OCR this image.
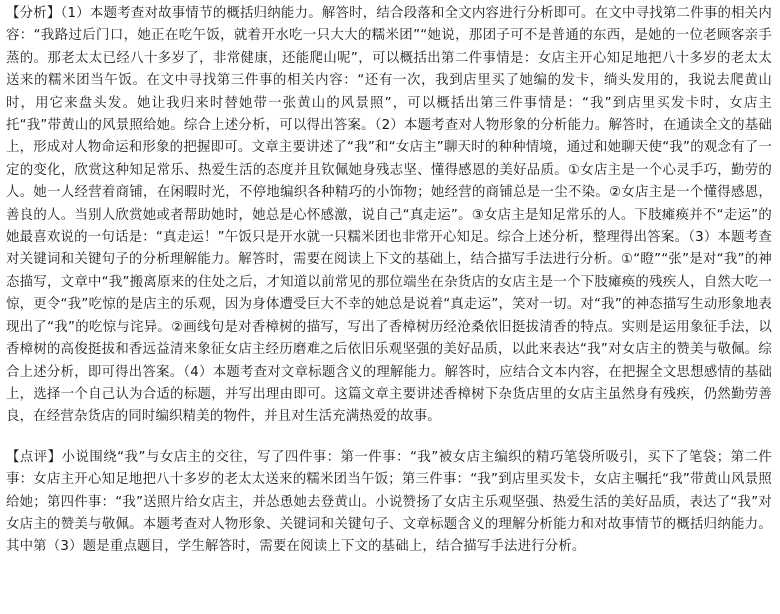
【分析】（1）本题考查对故事情节的概括归纳能力。解答时，结合段落和全文内容进行分析即可。在文中寻找第二件事的相关内容：“我路过后门口，她正在吃午饭，就着开水吃一只大大的糯米团”“她说，那团子可不是普通的东西，是她的一位老顾客亲手蒸的。那老太太已经八十多岁了，非常健康，还能爬山呢”，可以概括出第二件事情是：女店主开心知足地把八十多岁的老太太送来的糯米团当午饭。在文中寻找第三件事的相关内容：“还有一次，我到店里买了她编的发卡，绱头发用的，我说去爬黄山时，用它来盘头发。她让我归来时替她带一张黄山的风景照”，可以概括出第三件事情是：“我”到店里买发卡时，女店主托“我”带黄山的风景照给她。综合上述分析，可以得出答案。（2）本题考查对人物形象的分析能力。解答时，在通读全文的基础上，形成对人物命运和形象的把握即可。文章主要讲述了“我”和“女店主”聊天时的种种情境，通过和她聊天使“我”的观念有了一定的变化，欣赏这种知足常乐、热爱生活的态度并且钦佩她身残志坚、懂得感恩的美好品质。①女店主是一个心灵手巧，勤劳的人。她一人经营着商铺，在闲暇时光，不停地编织各种精巧的小饰物；她经营的商铺总是一尘不染。②女店主是一个懂得感恩，善良的人。当别人欣赏她或者帮助她时，她总是心怀感激，说自己“真走运”。③女店主是知足常乐的人。下肢瘫痪并不“走运”的她最喜欢说的一句话是：“真走运！”午饭只是开水就一只糯米团也非常开心知足。综合上述分析，整理得出答案。（3）本题考查对关键词和关键句子的分析理解能力。解答时，需要在阅读上下文的基础上，结合描写手法进行分析。①“瞪”“张”是对“我”的神态描写，文章中“我”搬离原来的住处之后，才知道以前常见的那位端坐在杂货店的女店主是一个下肢瘫痪的残疾人，自然大吃一惊，更令“我”吃惊的是店主的乐观，因为身体遭受巨大不幸的她总是说着“真走运”，笑对一切。对“我”的神态描写生动形象地表现出了“我”的吃惊与诧异。②画线句是对香樟树的描写，写出了香樟树历经沧桑依旧挺拔清香的特点。实则是运用象征手法，以香樟树的高俊挺拔和香远益清来象征女店主经历磨难之后依旧乐观坚强的美好品质，以此来表达“我”对女店主的赞美与敬佩。综合上述分析，即可得出答案。（4）本题考查对文章标题含义的理解能力。解答时，应结合文本内容，在把握全文思想感情的基础上，选择一个自己认为合适的标题，并写出理由即可。这篇文章主要讲述香樟树下杂货店里的女店主虽然身有残疾，仍然勤劳善良，在经营杂货店的同时编织精美的物件，并且对生活充满热爱的故事。

【点评】小说围绕“我”与女店主的交往，写了四件事：第一件事：“我”被女店主编织的精巧笔袋所吸引，买下了笔袋；第二件事：女店主开心知足地把八十多岁的老太太送来的糯米团当午饭；第三件事：“我”到店里买发卡，女店主嘱托“我”带黄山风景照给她；第四件事：“我”送照片给女店主，并怂恿她去登黄山。小说赞扬了女店主乐观坚强、热爱生活的美好品质，表达了“我”对女店主的赞美与敬佩。本题考查对人物形象、关键词和关键句子、文章标题含义的理解分析能力和对故事情节的概括归纳能力。其中第（3）题是重点题目，学生解答时，需要在阅读上下文的基础上，结合描写手法进行分析。
